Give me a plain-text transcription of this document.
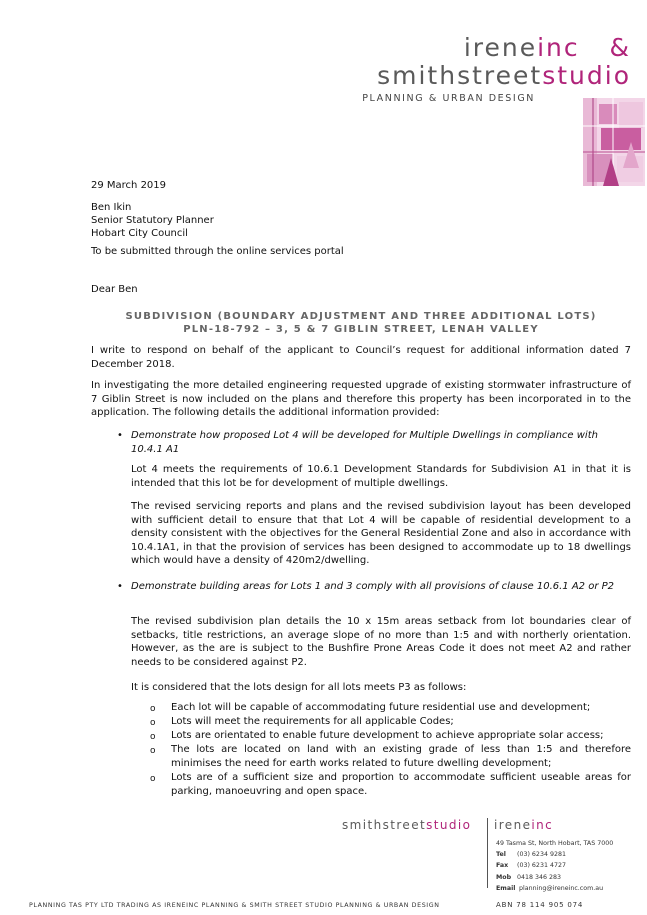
ireneinc &
smithstreetstudio
PLANNING & URBAN DESIGN
29 March 2019
Ben Ikin
Senior Statutory Planner
Hobart City Council
To be submitted through the online services portal
Dear Ben
SUBDIVISION (BOUNDARY ADJUSTMENT AND THREE ADDITIONAL LOTS)
PLN-18-792 – 3, 5 & 7 GIBLIN STREET, LENAH VALLEY
I write to respond on behalf of the applicant to Council’s request for additional information dated 7 December 2018.
In investigating the more detailed engineering requested upgrade of existing stormwater infrastructure of 7 Giblin Street is now included on the plans and therefore this property has been incorporated in to the application. The following details the additional information provided:
• Demonstrate how proposed Lot 4 will be developed for Multiple Dwellings in compliance with 10.4.1 A1
Lot 4 meets the requirements of 10.6.1 Development Standards for Subdivision A1 in that it is intended that this lot be for development of multiple dwellings.
The revised servicing reports and plans and the revised subdivision layout has been developed with sufficient detail to ensure that that Lot 4 will be capable of residential development to a density consistent with the objectives for the General Residential Zone and also in accordance with 10.4.1A1, in that the provision of services has been designed to accommodate up to 18 dwellings which would have a density of 420m2/dwelling.
• Demonstrate building areas for Lots 1 and 3 comply with all provisions of clause 10.6.1 A2 or P2
The revised subdivision plan details the 10 x 15m areas setback from lot boundaries clear of setbacks, title restrictions, an average slope of no more than 1:5 and with northerly orientation. However, as the are is subject to the Bushfire Prone Areas Code it does not meet A2 and rather needs to be considered against P2.
It is considered that the lots design for all lots meets P3 as follows:
o Each lot will be capable of accommodating future residential use and development;
o Lots will meet the requirements for all applicable Codes;
o Lots are orientated to enable future development to achieve appropriate solar access;
o The lots are located on land with an existing grade of less than 1:5 and therefore minimises the need for earth works related to future dwelling development;
o Lots are of a sufficient size and proportion to accommodate sufficient useable areas for parking, manoeuvring and open space.
smithstreetstudio ireneinc
49 Tasma St, North Hobart, TAS 7000
Tel (03) 6234 9281
Fax (03) 6231 4727
Mob 0418 346 283
Email planning@ireneinc.com.au
ABN 78 114 905 074
PLANNING TAS PTY LTD TRADING AS IRENEINC PLANNING & SMITH STREET STUDIO PLANNING & URBAN DESIGN
